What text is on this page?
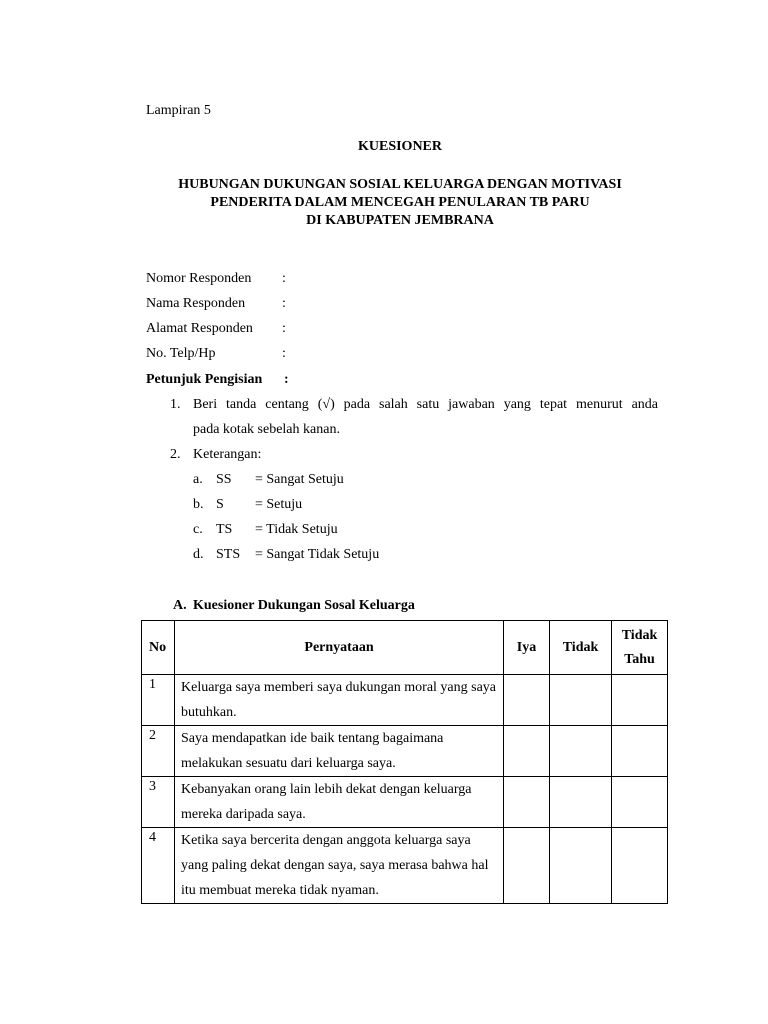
Lampiran 5
KUESIONER
HUBUNGAN DUKUNGAN SOSIAL KELUARGA DENGAN MOTIVASI
PENDERITA DALAM MENCEGAH PENULARAN TB PARU
DI KABUPATEN JEMBRANA
Nomor Responden :
Nama Responden	:
Alamat Responden :
No. Telp/Hp	:
Petunjuk Pengisian :
1. Beri tanda centang (√) pada salah satu jawaban yang tepat menurut anda
pada kotak sebelah kanan.
2. Keterangan:
a. SS = Sangat Setuju
b. S = Setuju
c. TS = Tidak Setuju
d. STS = Sangat Tidak Setuju
A. Kuesioner Dukungan Sosal Keluarga
No	Pernyataan	Iya	Tidak	Tidak
Tahu

1	Keluarga saya memberi saya dukungan moral yang saya butuhkan.			
2	Saya mendapatkan ide baik tentang bagaimana melakukan sesuatu dari keluarga saya.			
3	Kebanyakan orang lain lebih dekat dengan keluarga mereka daripada saya.			
4	Ketika saya bercerita dengan anggota keluarga saya yang paling dekat dengan saya, saya merasa bahwa hal itu membuat mereka tidak nyaman.			
